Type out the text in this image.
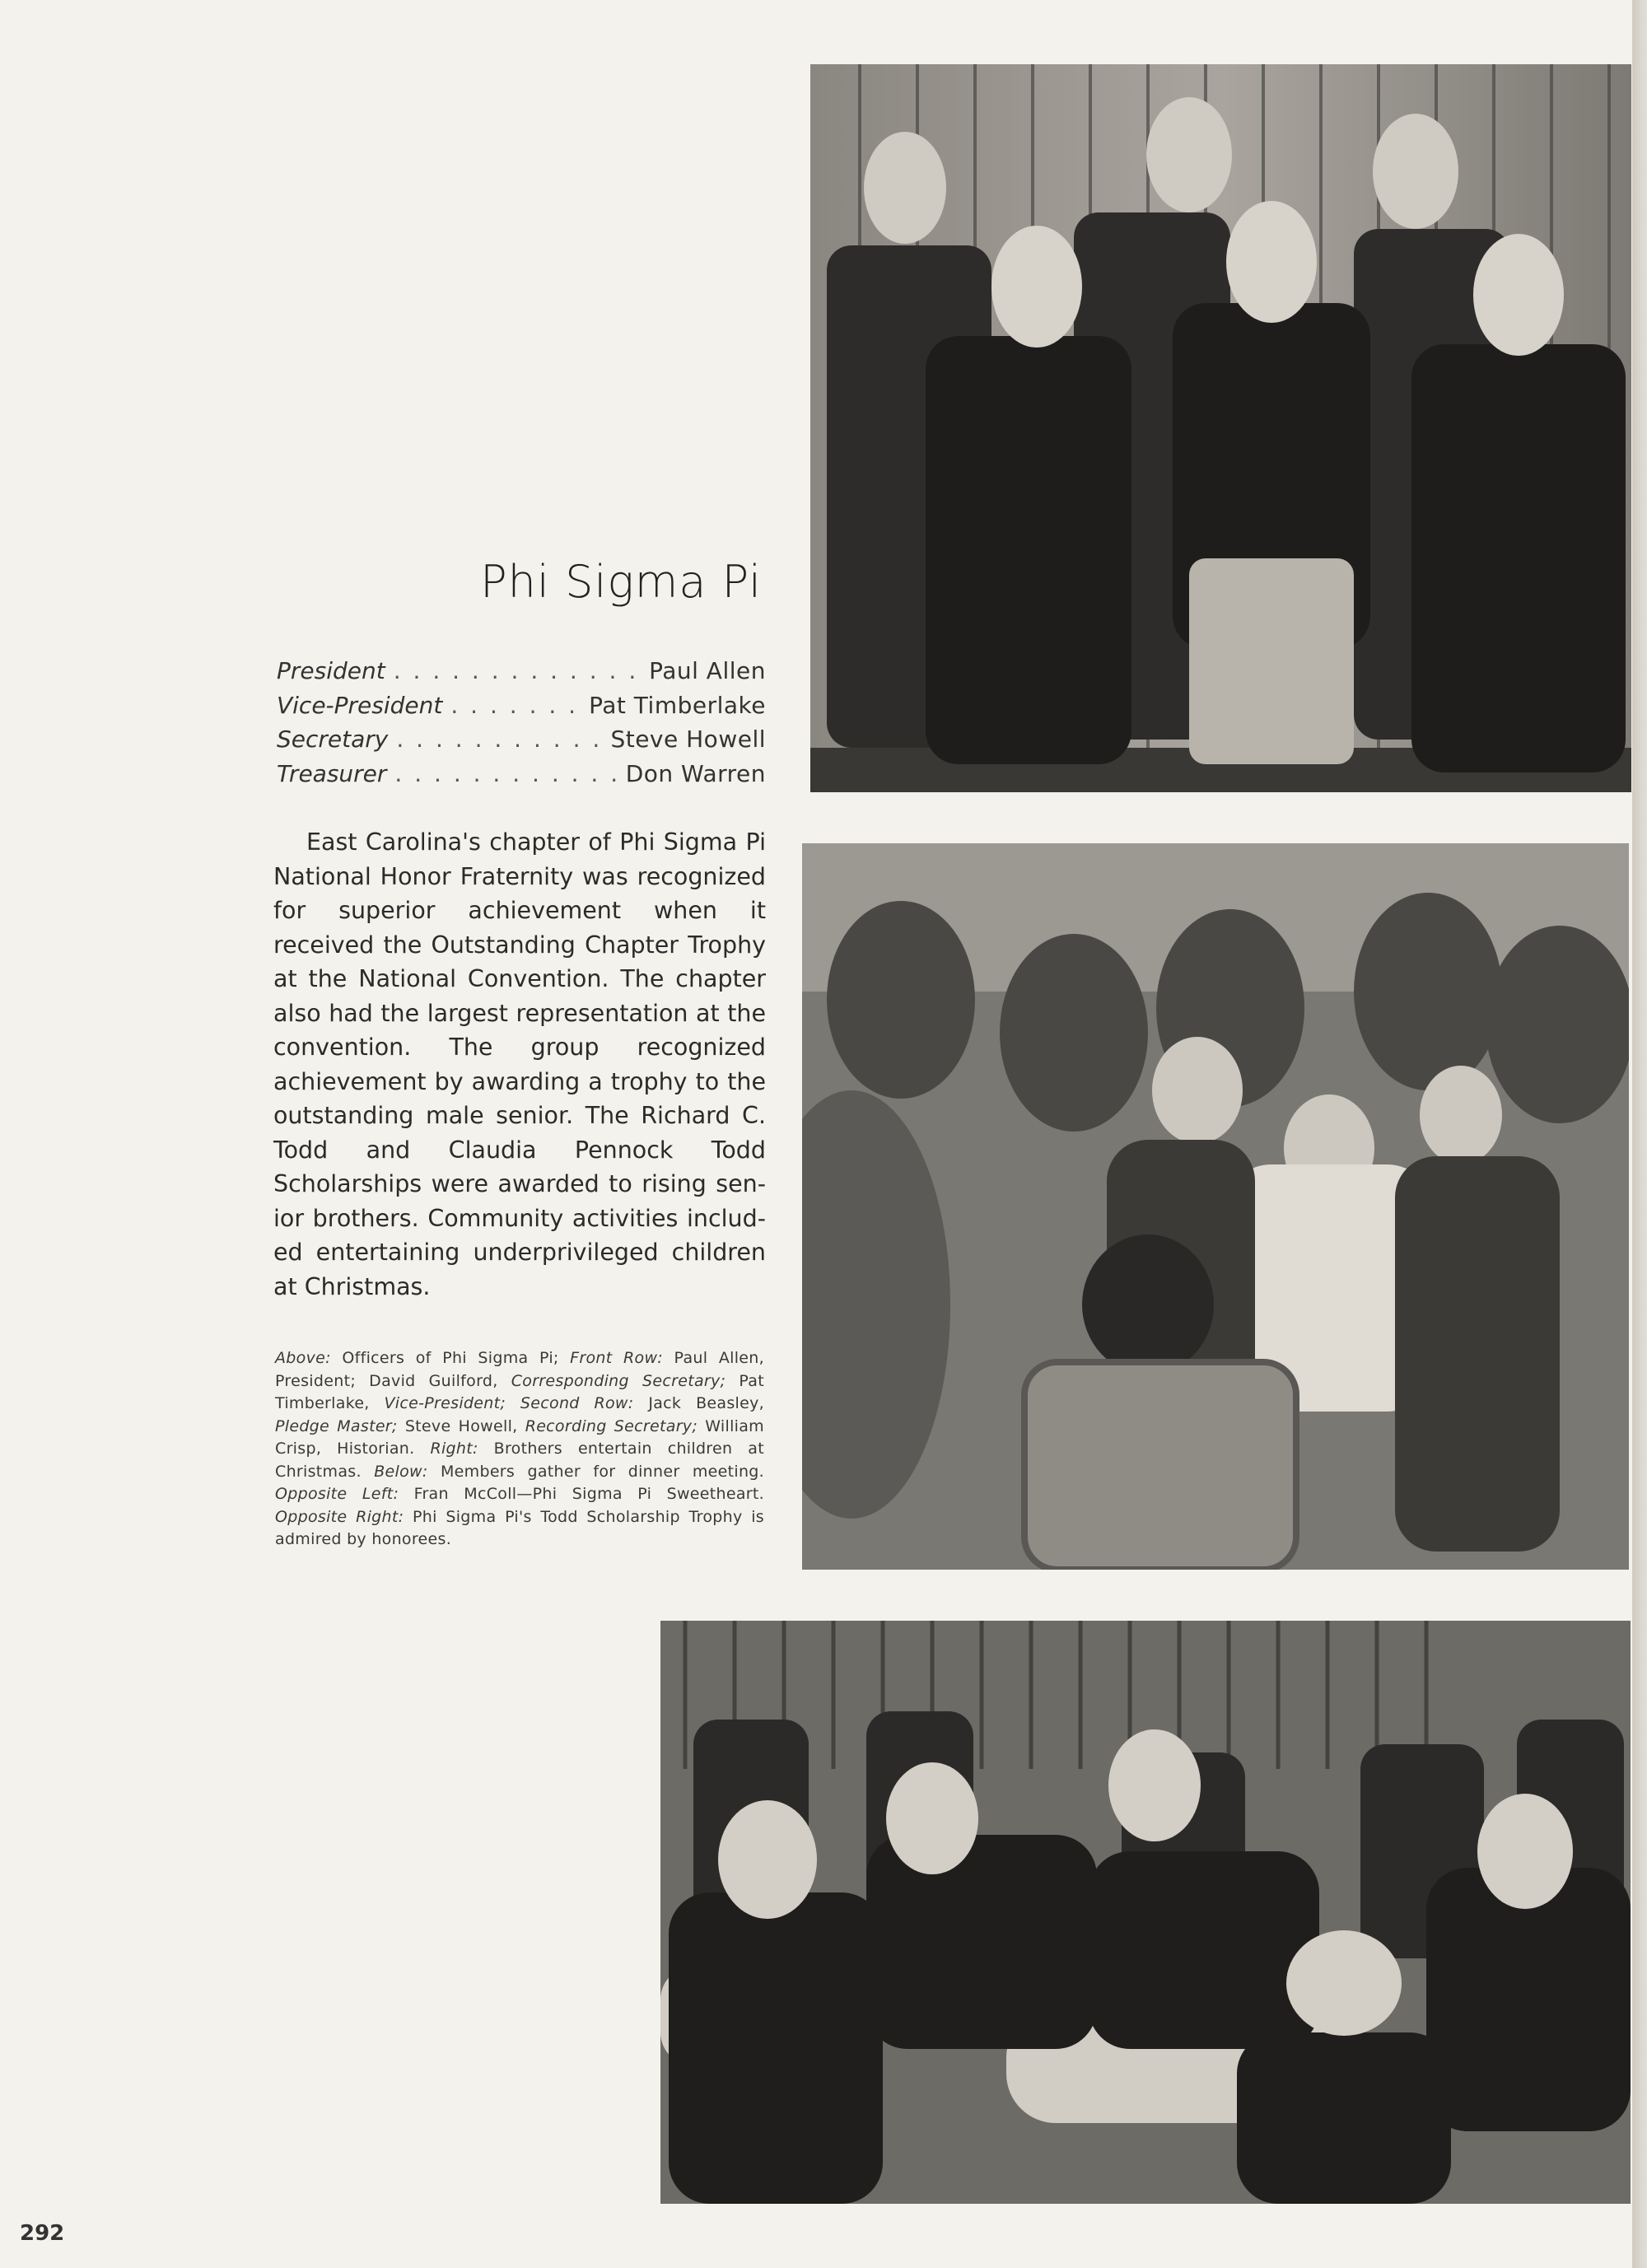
Phi Sigma Pi
President . . .	Paul Allen
Vice-President . . .	Pat Timberlake
Secretary . . .	Steve Howell
Treasurer . . .	Don Warren

East Carolina's chapter of Phi Sigma Pi National Honor Fraternity was recognized for superior achievement when it received the Outstanding Chapter Trophy at the National Convention. The chapter also had the largest representation at the convention. The group recognized achievement by awarding a trophy to the outstanding male senior. The Richard C. Todd and Claudia Pennock Todd Scholarships were awarded to rising senior brothers. Community activities included entertaining underprivileged children at Christmas.

Above: Officers of Phi Sigma Pi; Front Row: Paul Allen, President; David Guilford, Corresponding Secretary; Pat Timberlake, Vice-President; Second Row: Jack Beasley, Pledge Master; Steve Howell, Recording Secretary; William Crisp, Historian. Right: Brothers entertain children at Christmas. Below: Members gather for dinner meeting. Opposite Left: Fran McColl—Phi Sigma Pi Sweetheart. Opposite Right: Phi Sigma Pi's Todd Scholarship Trophy is admired by honorees.

292
